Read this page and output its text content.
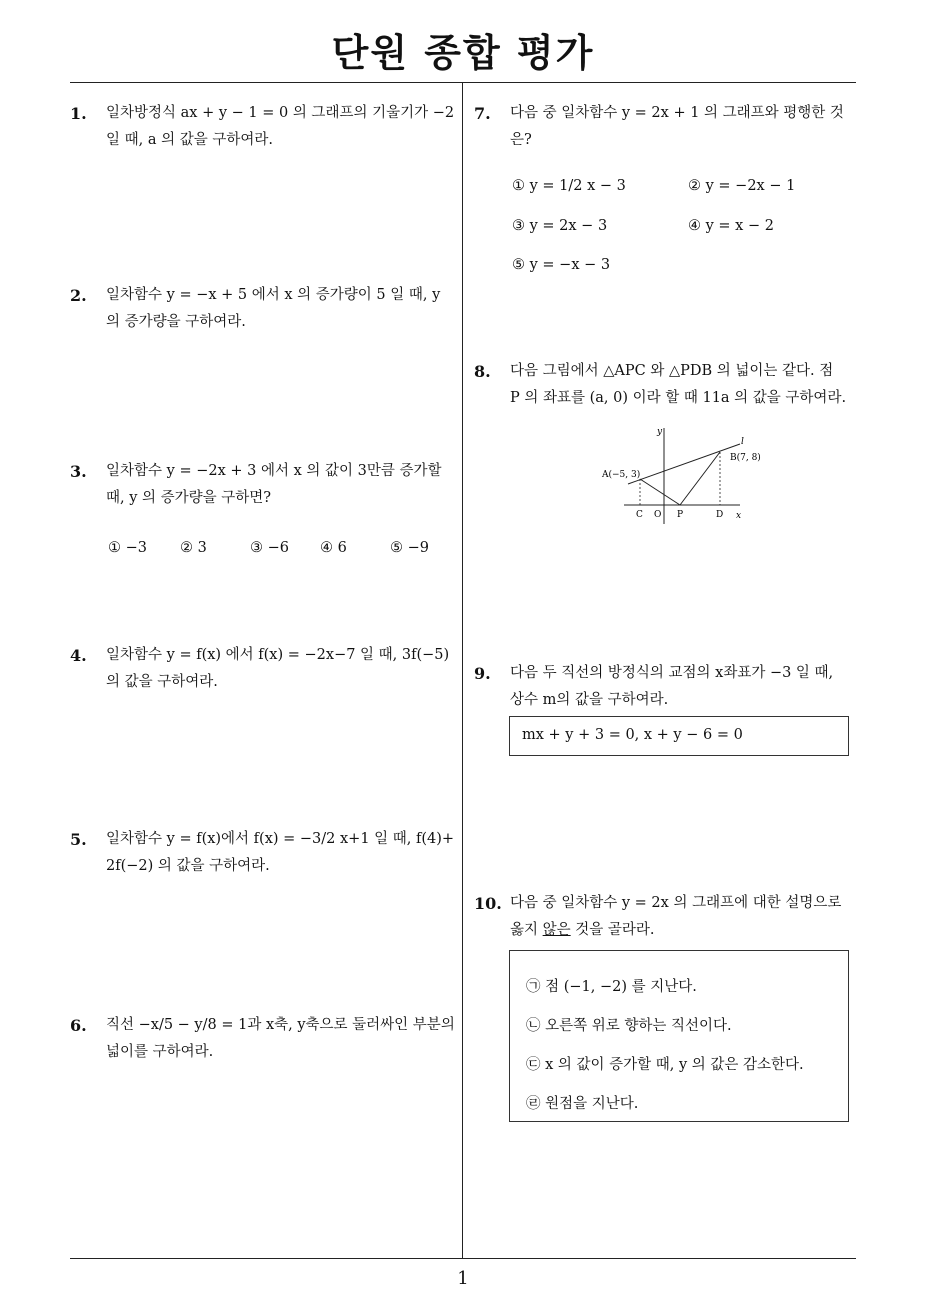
단원 종합 평가
1
1. 일차방정식 ax + y − 1 = 0 의 그래프의 기울기가 −2
일 때, a 의 값을 구하여라.
2. 일차함수 y = −x + 5 에서 x 의 증가량이 5 일 때, y
의 증가량을 구하여라.
3. 일차함수 y = −2x + 3 에서 x 의 값이 3만큼 증가할
때, y 의 증가량을 구하면?
① −3 ② 3	③ −6 ④ 6	⑤ −9
4. 일차함수 y = f(x) 에서 f(x) = −2x−7 일 때, 3f(−5)
의 값을 구하여라.
5. 일차함수 y = f(x)에서 f(x) = −3/2 x+1 일 때, f(4)+
2f(−2) 의 값을 구하여라.
6. 직선 −x/5 − y/8 = 1과 x축, y축으로 둘러싸인 부분의
넓이를 구하여라.
7. 다음 중 일차함수 y = 2x + 1 의 그래프와 평행한 것
은?
① y = 1/2 x − 3	② y = −2x − 1
③ y = 2x − 3	④ y = x − 2
⑤ y = −x − 3
8. 다음 그림에서 △APC 와 △PDB 의 넓이는 같다. 점
P 의 좌표를 (a, 0) 이라 할 때 11a 의 값을 구하여라.
y
x
l
A(−5, 3)
B(7, 8)
C O P	D
9. 다음 두 직선의 방정식의 교점의 x좌표가 −3 일 때,
상수 m의 값을 구하여라.
mx + y + 3 = 0, x + y − 6 = 0
10. 다음 중 일차함수 y = 2x 의 그래프에 대한 설명으로
옳지 않은 것을 골라라.
㉠ 점 (−1, −2) 를 지난다.
㉡ 오른쪽 위로 향하는 직선이다.
㉢ x 의 값이 증가할 때, y 의 값은 감소한다.
㉣ 원점을 지난다.
